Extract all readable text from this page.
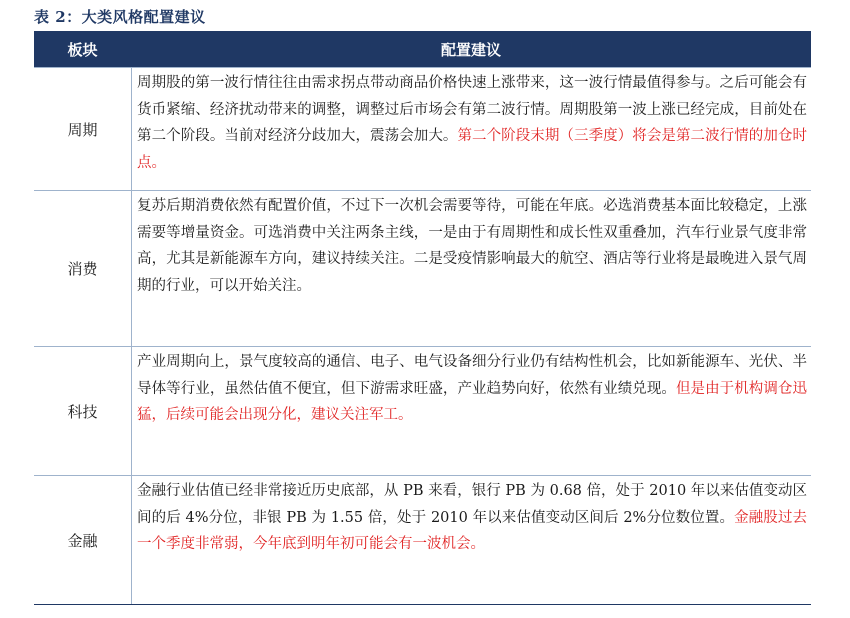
表 2：大类风格配置建议
板块	配置建议
周期
周期股的第一波行情往往由需求拐点带动商品价格快速上涨带来，这一波行情最值得参与。之后可能会有货币紧缩、经济扰动带来的调整，调整过后市场会有第二波行情。周期股第一波上涨已经完成，目前处在第二个阶段。当前对经济分歧加大，震荡会加大。第二个阶段末期（三季度）将会是第二波行情的加仓时点。
消费
复苏后期消费依然有配置价值，不过下一次机会需要等待，可能在年底。必选消费基本面比较稳定，上涨需要等增量资金。可选消费中关注两条主线，一是由于有周期性和成长性双重叠加，汽车行业景气度非常高，尤其是新能源车方向，建议持续关注。二是受疫情影响最大的航空、酒店等行业将是最晚进入景气周期的行业，可以开始关注。
科技
产业周期向上，景气度较高的通信、电子、电气设备细分行业仍有结构性机会，比如新能源车、光伏、半导体等行业，虽然估值不便宜，但下游需求旺盛，产业趋势向好，依然有业绩兑现。但是由于机构调仓迅猛，后续可能会出现分化，建议关注军工。
金融
金融行业估值已经非常接近历史底部，从 PB 来看，银行 PB 为 0.68 倍，处于 2010 年以来估值变动区间的后 4%分位，非银 PB 为 1.55 倍，处于 2010 年以来估值变动区间后 2%分位数位置。金融股过去一个季度非常弱，今年底到明年初可能会有一波机会。
